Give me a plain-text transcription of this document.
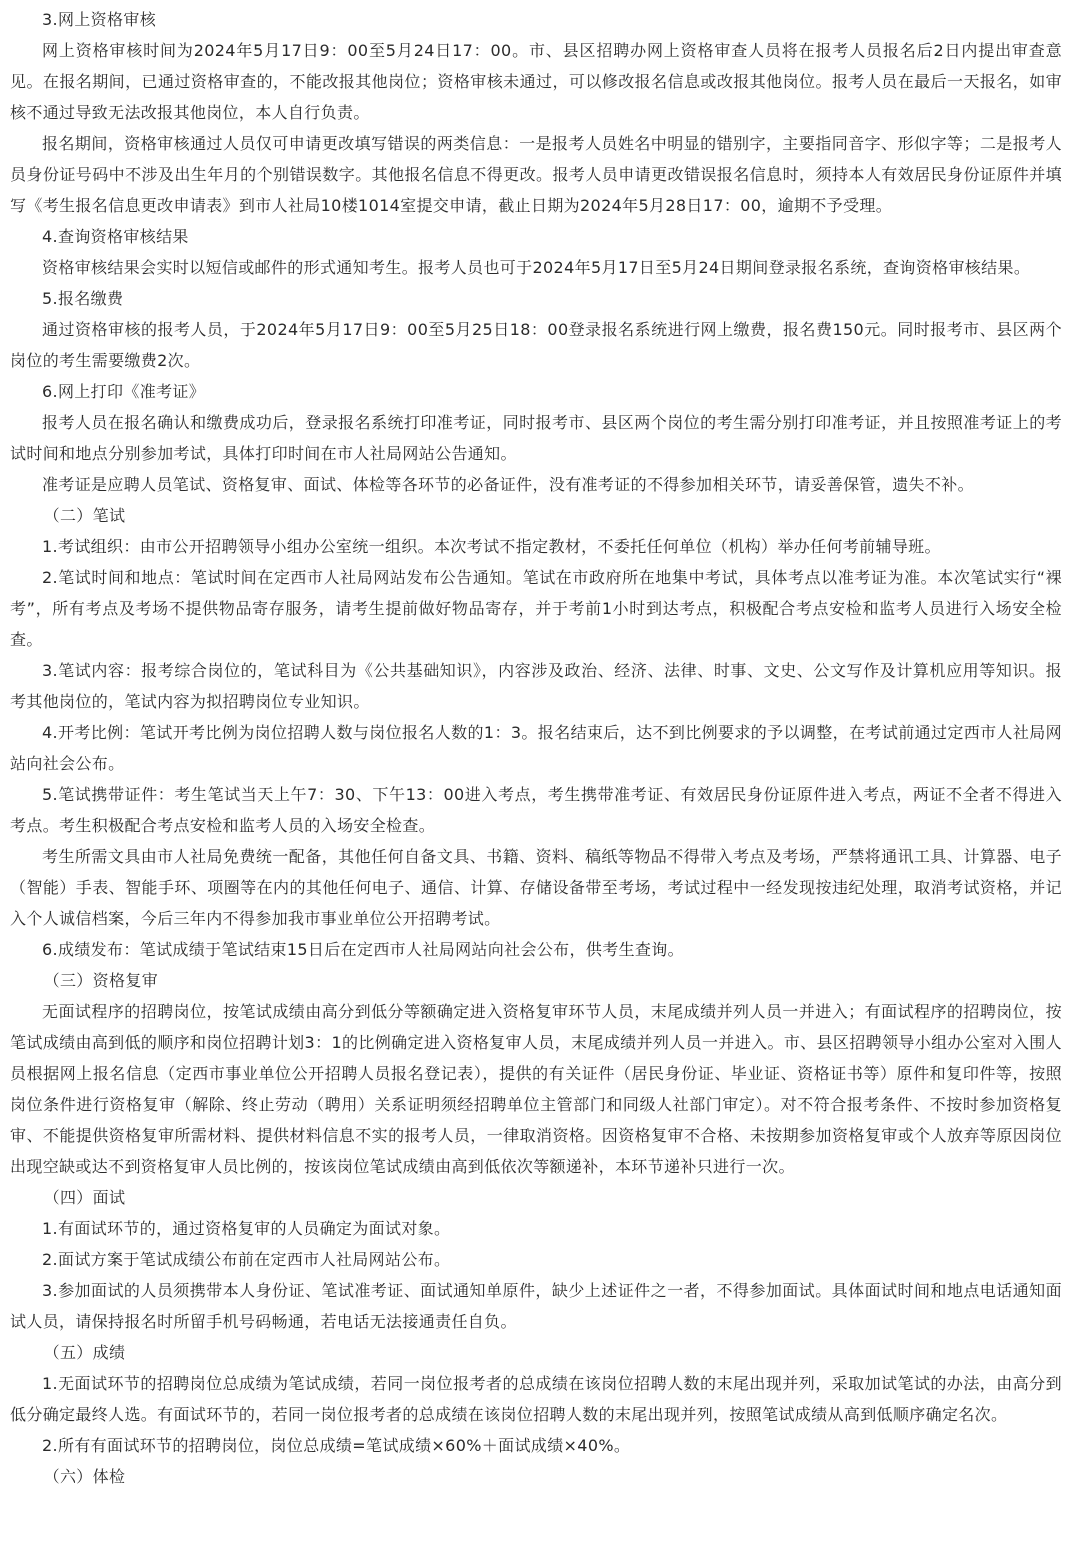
3.网上资格审核

网上资格审核时间为2024年5月17日9：00至5月24日17：00。市、县区招聘办网上资格审查人员将在报考人员报名后2日内提出审查意见。在报名期间，已通过资格审查的，不能改报其他岗位；资格审核未通过，可以修改报名信息或改报其他岗位。报考人员在最后一天报名，如审核不通过导致无法改报其他岗位，本人自行负责。

报名期间，资格审核通过人员仅可申请更改填写错误的两类信息：一是报考人员姓名中明显的错别字，主要指同音字、形似字等；二是报考人员身份证号码中不涉及出生年月的个别错误数字。其他报名信息不得更改。报考人员申请更改错误报名信息时，须持本人有效居民身份证原件并填写《考生报名信息更改申请表》到市人社局10楼1014室提交申请，截止日期为2024年5月28日17：00，逾期不予受理。

4.查询资格审核结果

资格审核结果会实时以短信或邮件的形式通知考生。报考人员也可于2024年5月17日至5月24日期间登录报名系统，查询资格审核结果。

5.报名缴费

通过资格审核的报考人员，于2024年5月17日9：00至5月25日18：00登录报名系统进行网上缴费，报名费150元。同时报考市、县区两个岗位的考生需要缴费2次。

6.网上打印《准考证》

报考人员在报名确认和缴费成功后，登录报名系统打印准考证，同时报考市、县区两个岗位的考生需分别打印准考证，并且按照准考证上的考试时间和地点分别参加考试，具体打印时间在市人社局网站公告通知。

准考证是应聘人员笔试、资格复审、面试、体检等各环节的必备证件，没有准考证的不得参加相关环节，请妥善保管，遗失不补。

（二）笔试

1.考试组织：由市公开招聘领导小组办公室统一组织。本次考试不指定教材，不委托任何单位（机构）举办任何考前辅导班。

2.笔试时间和地点：笔试时间在定西市人社局网站发布公告通知。笔试在市政府所在地集中考试，具体考点以准考证为准。本次笔试实行“裸考”，所有考点及考场不提供物品寄存服务，请考生提前做好物品寄存，并于考前1小时到达考点，积极配合考点安检和监考人员进行入场安全检查。

3.笔试内容：报考综合岗位的，笔试科目为《公共基础知识》，内容涉及政治、经济、法律、时事、文史、公文写作及计算机应用等知识。报考其他岗位的，笔试内容为拟招聘岗位专业知识。

4.开考比例：笔试开考比例为岗位招聘人数与岗位报名人数的1：3。报名结束后，达不到比例要求的予以调整，在考试前通过定西市人社局网站向社会公布。

5.笔试携带证件：考生笔试当天上午7：30、下午13：00进入考点，考生携带准考证、有效居民身份证原件进入考点，两证不全者不得进入考点。考生积极配合考点安检和监考人员的入场安全检查。

考生所需文具由市人社局免费统一配备，其他任何自备文具、书籍、资料、稿纸等物品不得带入考点及考场，严禁将通讯工具、计算器、电子（智能）手表、智能手环、项圈等在内的其他任何电子、通信、计算、存储设备带至考场，考试过程中一经发现按违纪处理，取消考试资格，并记入个人诚信档案，今后三年内不得参加我市事业单位公开招聘考试。

6.成绩发布：笔试成绩于笔试结束15日后在定西市人社局网站向社会公布，供考生查询。

（三）资格复审

无面试程序的招聘岗位，按笔试成绩由高分到低分等额确定进入资格复审环节人员，末尾成绩并列人员一并进入；有面试程序的招聘岗位，按笔试成绩由高到低的顺序和岗位招聘计划3：1的比例确定进入资格复审人员，末尾成绩并列人员一并进入。市、县区招聘领导小组办公室对入围人员根据网上报名信息（定西市事业单位公开招聘人员报名登记表），提供的有关证件（居民身份证、毕业证、资格证书等）原件和复印件等，按照岗位条件进行资格复审（解除、终止劳动（聘用）关系证明须经招聘单位主管部门和同级人社部门审定）。对不符合报考条件、不按时参加资格复审、不能提供资格复审所需材料、提供材料信息不实的报考人员，一律取消资格。因资格复审不合格、未按期参加资格复审或个人放弃等原因岗位出现空缺或达不到资格复审人员比例的，按该岗位笔试成绩由高到低依次等额递补，本环节递补只进行一次。

（四）面试

1.有面试环节的，通过资格复审的人员确定为面试对象。

2.面试方案于笔试成绩公布前在定西市人社局网站公布。

3.参加面试的人员须携带本人身份证、笔试准考证、面试通知单原件，缺少上述证件之一者，不得参加面试。具体面试时间和地点电话通知面试人员，请保持报名时所留手机号码畅通，若电话无法接通责任自负。

（五）成绩

1.无面试环节的招聘岗位总成绩为笔试成绩，若同一岗位报考者的总成绩在该岗位招聘人数的末尾出现并列，采取加试笔试的办法，由高分到低分确定最终人选。有面试环节的，若同一岗位报考者的总成绩在该岗位招聘人数的末尾出现并列，按照笔试成绩从高到低顺序确定名次。

2.所有有面试环节的招聘岗位，岗位总成绩=笔试成绩×60%＋面试成绩×40%。

（六）体检
